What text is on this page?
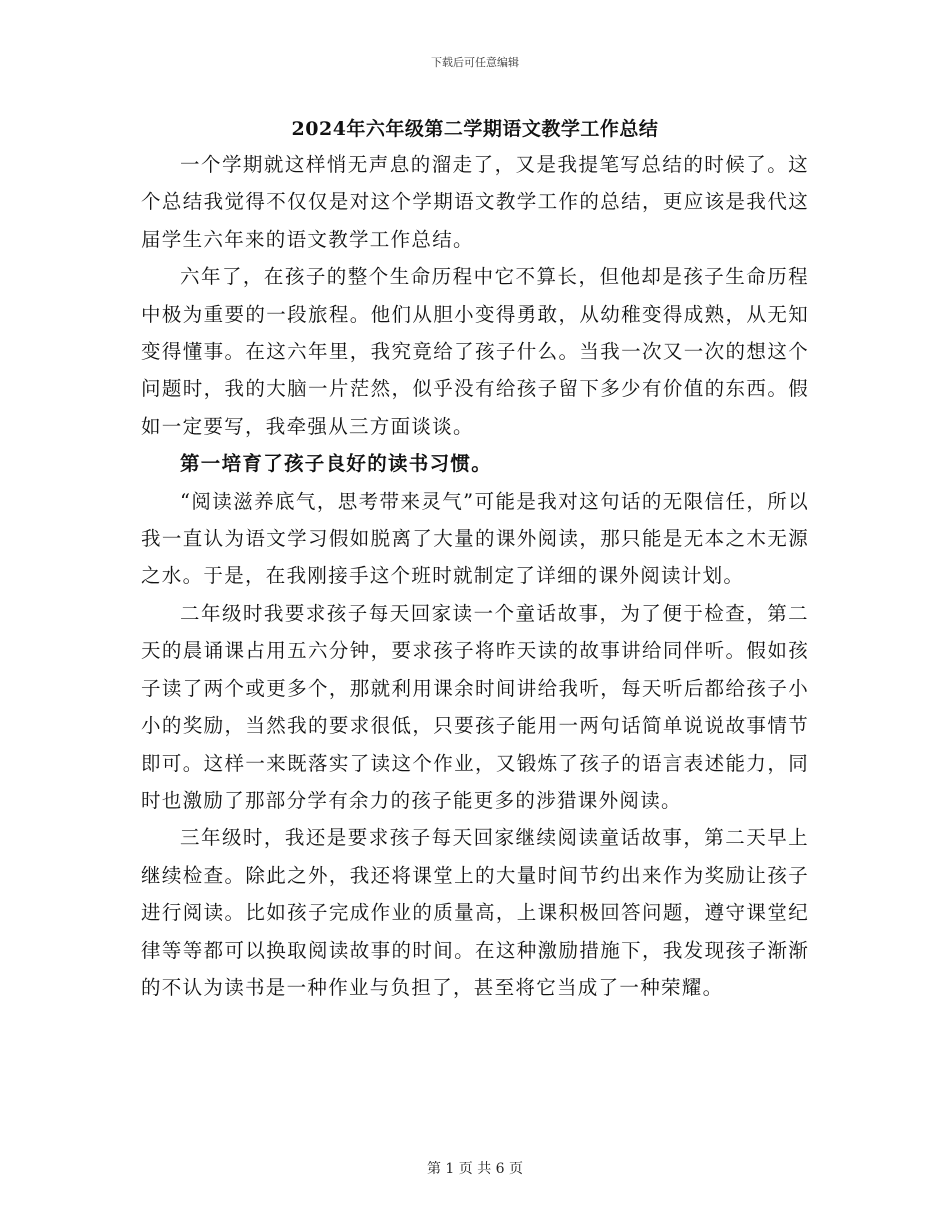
下载后可任意编辑
2024年六年级第二学期语文教学工作总结

一个学期就这样悄无声息的溜走了，又是我提笔写总结的时候了。这个总结我觉得不仅仅是对这个学期语文教学工作的总结，更应该是我代这届学生六年来的语文教学工作总结。

六年了，在孩子的整个生命历程中它不算长，但他却是孩子生命历程中极为重要的一段旅程。他们从胆小变得勇敢，从幼稚变得成熟，从无知变得懂事。在这六年里，我究竟给了孩子什么。当我一次又一次的想这个问题时，我的大脑一片茫然，似乎没有给孩子留下多少有价值的东西。假如一定要写，我牵强从三方面谈谈。

第一培育了孩子良好的读书习惯。

“阅读滋养底气，思考带来灵气”可能是我对这句话的无限信任，所以我一直认为语文学习假如脱离了大量的课外阅读，那只能是无本之木无源之水。于是，在我刚接手这个班时就制定了详细的课外阅读计划。

二年级时我要求孩子每天回家读一个童话故事，为了便于检查，第二天的晨诵课占用五六分钟，要求孩子将昨天读的故事讲给同伴听。假如孩子读了两个或更多个，那就利用课余时间讲给我听，每天听后都给孩子小小的奖励，当然我的要求很低，只要孩子能用一两句话简单说说故事情节即可。这样一来既落实了读这个作业，又锻炼了孩子的语言表述能力，同时也激励了那部分学有余力的孩子能更多的涉猎课外阅读。

三年级时，我还是要求孩子每天回家继续阅读童话故事，第二天早上继续检查。除此之外，我还将课堂上的大量时间节约出来作为奖励让孩子进行阅读。比如孩子完成作业的质量高，上课积极回答问题，遵守课堂纪律等等都可以换取阅读故事的时间。在这种激励措施下，我发现孩子渐渐的不认为读书是一种作业与负担了，甚至将它当成了一种荣耀。

第 1 页 共 6 页
